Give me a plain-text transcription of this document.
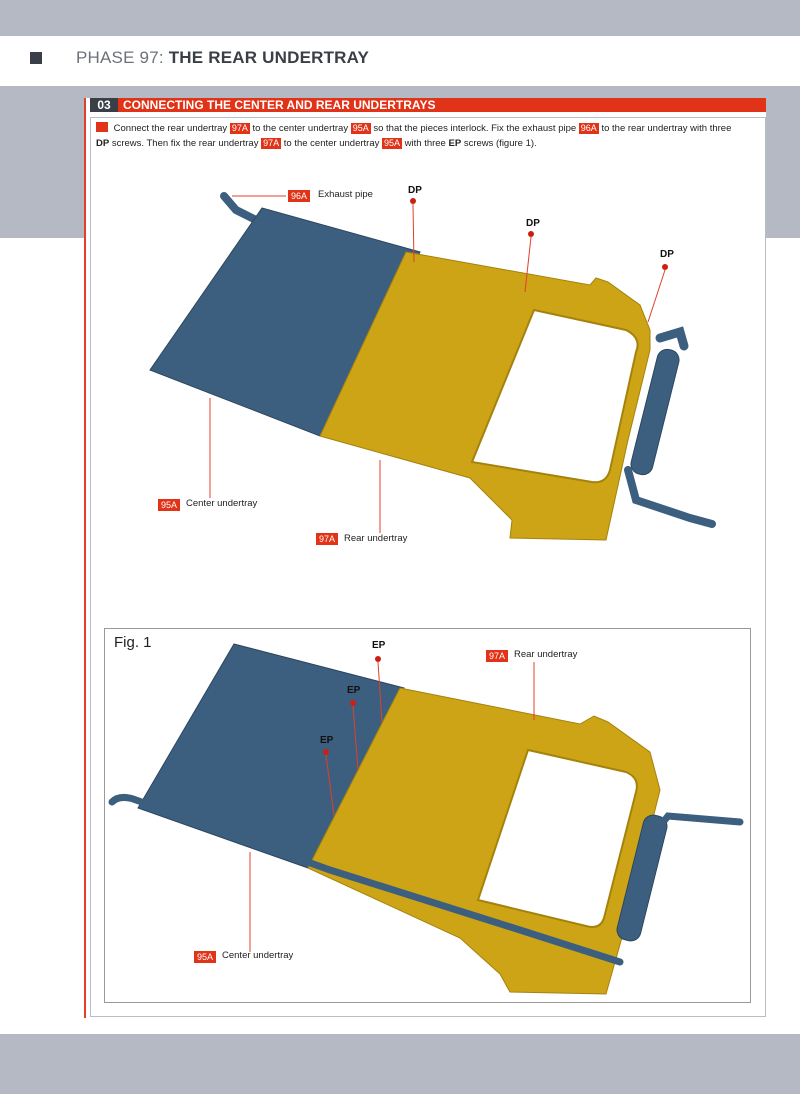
PHASE 97: THE REAR UNDERTRAY
03	CONNECTING THE CENTER AND REAR UNDERTRAYS
Connect the rear undertray 97A to the center undertray 95A so that the pieces interlock. Fix the exhaust pipe 96A to the rear undertray with three DP screws. Then fix the rear undertray 97A to the center undertray 95A with three EP screws (figure 1).
96A	Exhaust pipe	DP
DP
DP
95A Center undertray
97A Rear undertray
Fig. 1	EP
EP
EP
97A Rear undertray
95A Center undertray
